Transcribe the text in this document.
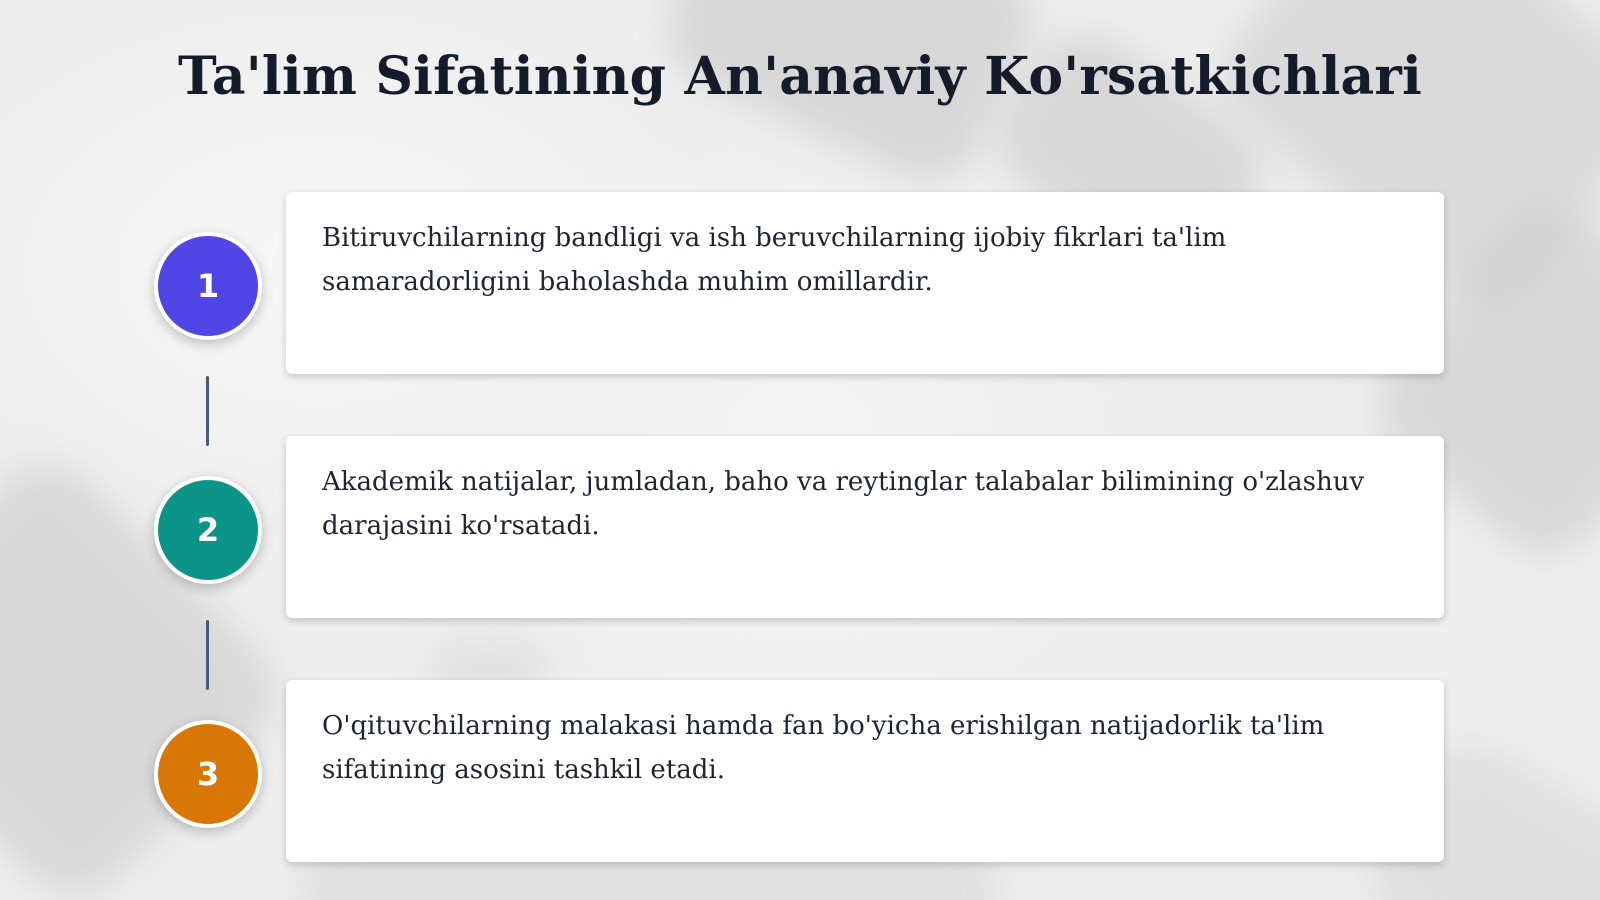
Ta'lim Sifatining An'anaviy Ko'rsatkichlari
1

Bitiruvchilarning bandligi va ish beruvchilarning ijobiy fikrlari ta'lim samaradorligini baholashda muhim omillardir.

2

Akademik natijalar, jumladan, baho va reytinglar talabalar bilimining o'zlashuv darajasini ko'rsatadi.

3

O'qituvchilarning malakasi hamda fan bo'yicha erishilgan natijadorlik ta'lim sifatining asosini tashkil etadi.
